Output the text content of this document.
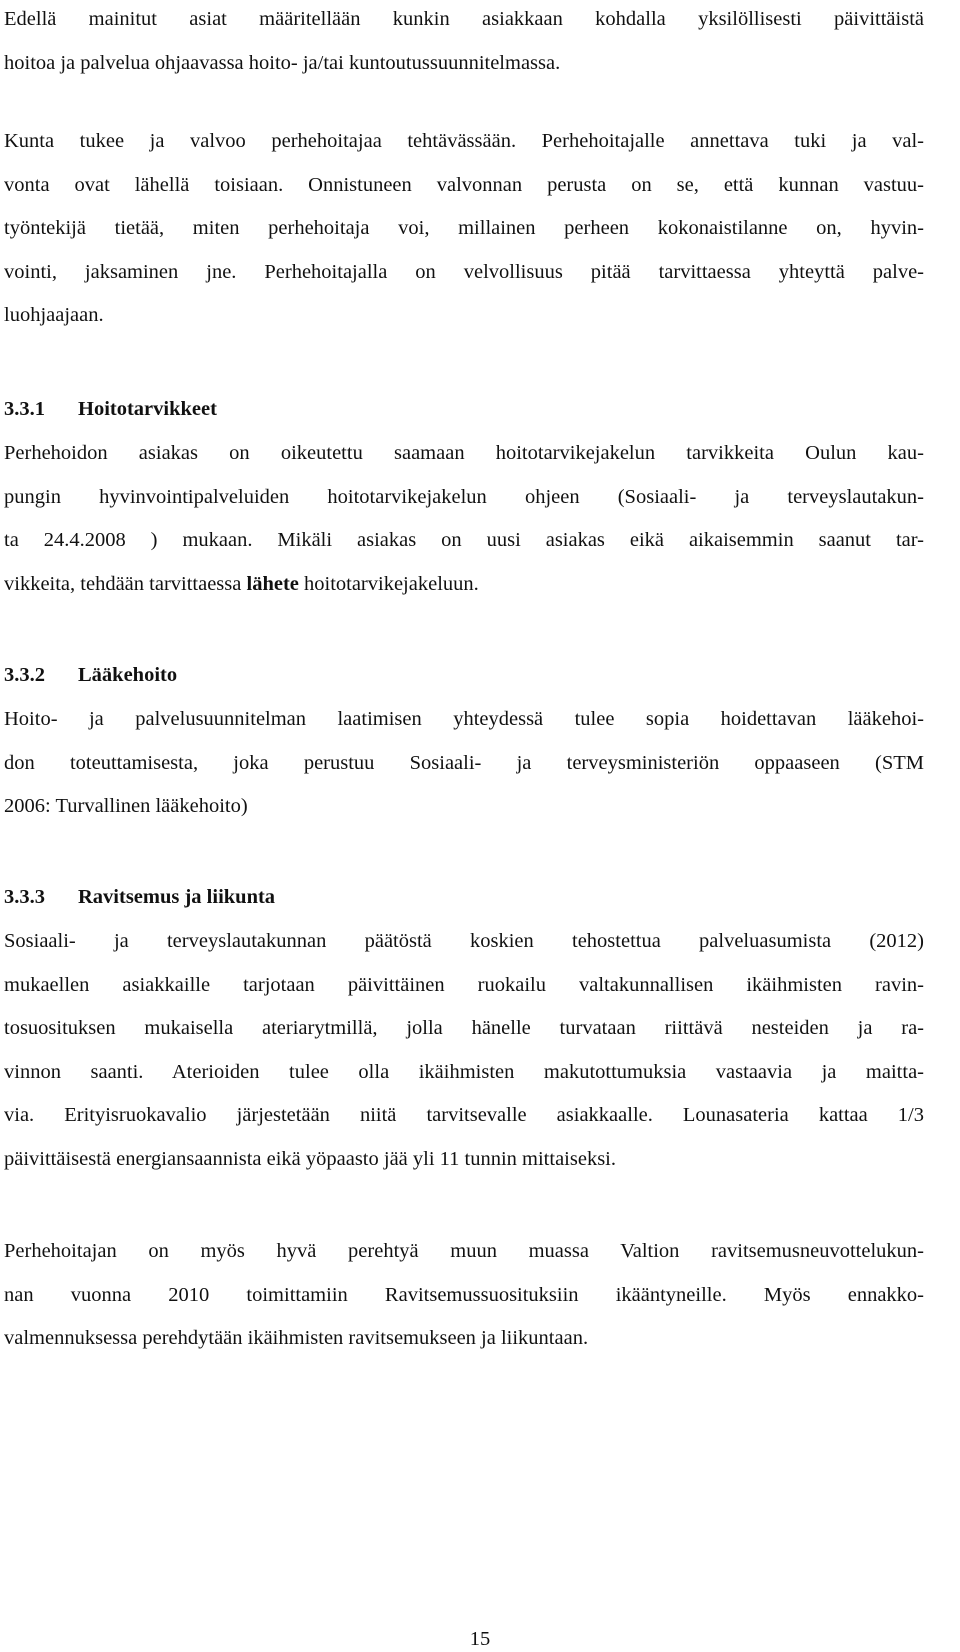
Edellä mainitut asiat määritellään kunkin asiakkaan kohdalla yksilöllisesti päivittäistä
hoitoa ja palvelua ohjaavassa hoito- ja/tai kuntoutussuunnitelmassa.
Kunta tukee ja valvoo perhehoitajaa tehtävässään. Perhehoitajalle annettava tuki ja val-
vonta ovat lähellä toisiaan. Onnistuneen valvonnan perusta on se, että kunnan vastuu-
työntekijä tietää, miten perhehoitaja voi, millainen perheen kokonaistilanne on, hyvin-
vointi, jaksaminen jne. Perhehoitajalla on velvollisuus pitää tarvittaessa yhteyttä palve-
luohjaajaan.
3.3.1 Hoitotarvikkeet
Perhehoidon asiakas on oikeutettu saamaan hoitotarvikejakelun tarvikkeita Oulun kau-
pungin hyvinvointipalveluiden hoitotarvikejakelun ohjeen (Sosiaali- ja terveyslautakun-
ta 24.4.2008 ) mukaan. Mikäli asiakas on uusi asiakas eikä aikaisemmin saanut tar-
vikkeita, tehdään tarvittaessa lähete hoitotarvikejakeluun.
3.3.2 Lääkehoito
Hoito- ja palvelusuunnitelman laatimisen yhteydessä tulee sopia hoidettavan lääkehoi-
don toteuttamisesta, joka perustuu Sosiaali- ja terveysministeriön oppaaseen (STM
2006: Turvallinen lääkehoito)
3.3.3 Ravitsemus ja liikunta
Sosiaali- ja terveyslautakunnan päätöstä koskien tehostettua palveluasumista (2012)
mukaellen asiakkaille tarjotaan päivittäinen ruokailu valtakunnallisen ikäihmisten ravin-
tosuosituksen mukaisella ateriarytmillä, jolla hänelle turvataan riittävä nesteiden ja ra-
vinnon saanti. Aterioiden tulee olla ikäihmisten makutottumuksia vastaavia ja maitta-
via. Erityisruokavalio järjestetään niitä tarvitsevalle asiakkaalle. Lounasateria kattaa 1/3
päivittäisestä energiansaannista eikä yöpaasto jää yli 11 tunnin mittaiseksi.
Perhehoitajan on myös hyvä perehtyä muun muassa Valtion ravitsemusneuvottelukun-
nan vuonna 2010 toimittamiin Ravitsemussuosituksiin ikääntyneille. Myös ennakko-
valmennuksessa perehdytään ikäihmisten ravitsemukseen ja liikuntaan.
15
